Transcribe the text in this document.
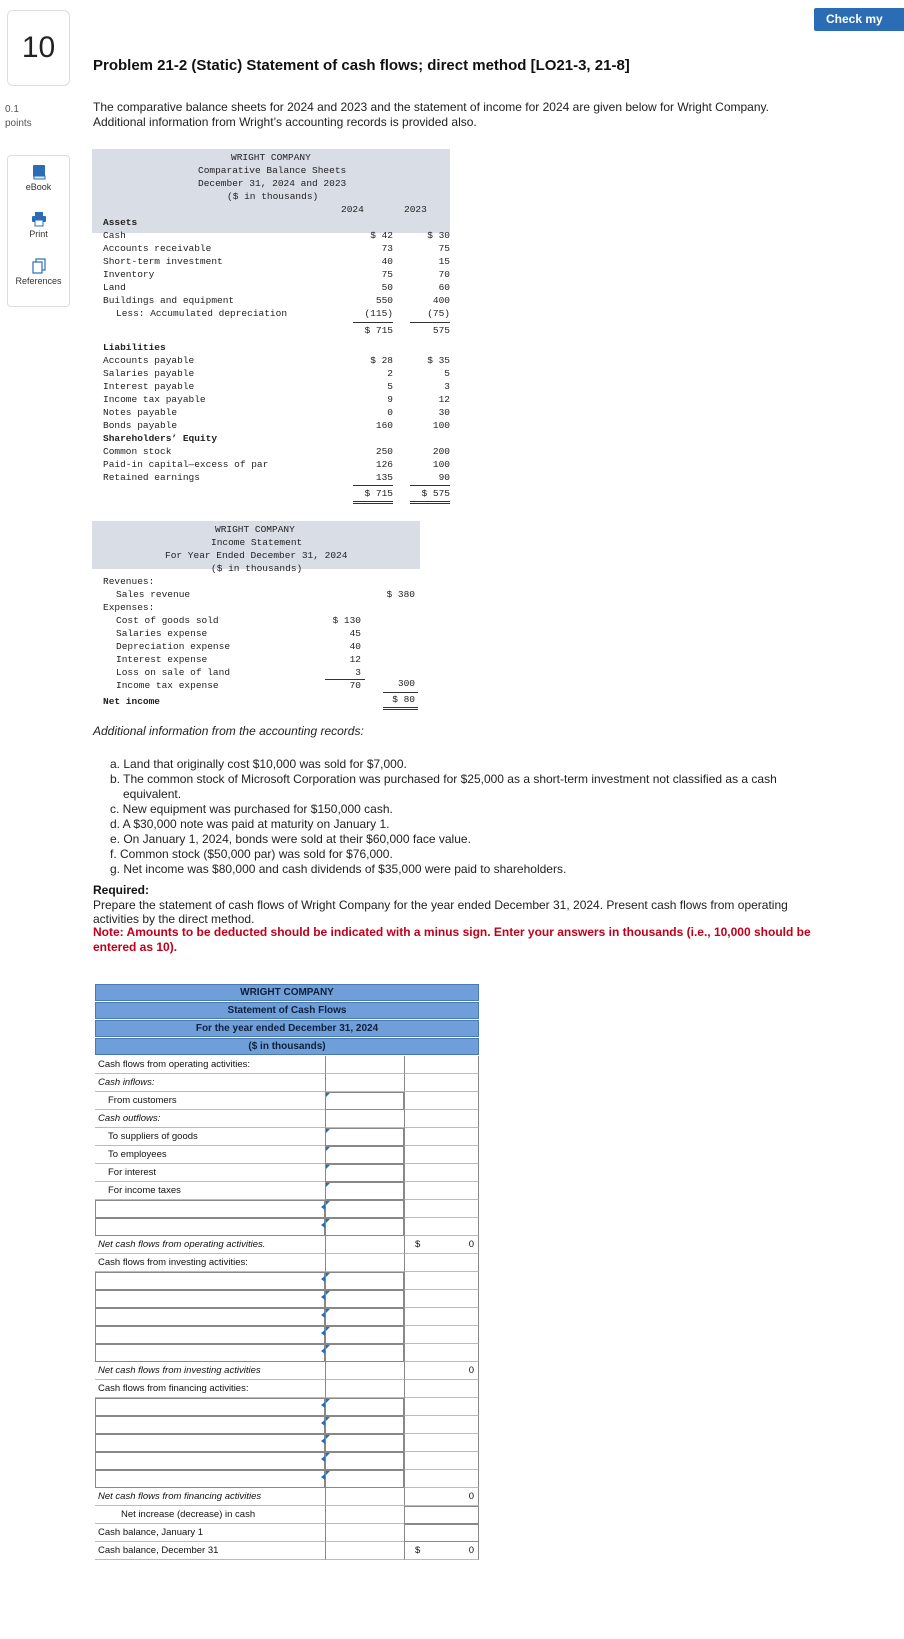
Check my work
10
0.1
points
eBook
Print
References
Problem 21-2 (Static) Statement of cash flows; direct method [LO21-3, 21-8]
The comparative balance sheets for 2024 and 2023 and the statement of income for 2024 are given below for Wright Company.
Additional information from Wright’s accounting records is provided also.
WRIGHT COMPANY
Comparative Balance Sheets
December 31, 2024 and 2023
($ in thousands)
2024	2023
Assets
Cash	$ 42	$ 30
Accounts receivable	73	75
Short-term investment	40	15
Inventory	75	70
Land	50	60
Buildings and equipment	550	400
Less: Accumulated depreciation	(115)	(75)
$ 715	575
Liabilities
Accounts payable	$ 28	$ 35
Salaries payable	2	5
Interest payable	5	3
Income tax payable	9	12
Notes payable	0	30
Bonds payable	160	100
Shareholders’ Equity
Common stock	250	200
Paid-in capital—excess of par	126	100
Retained earnings	135	90
$ 715	$ 575
WRIGHT COMPANY
Income Statement
For Year Ended December 31, 2024
($ in thousands)
Revenues:
Sales revenue	$ 380
Expenses:
Cost of goods sold	$ 130
Salaries expense	45
Depreciation expense	40
Interest expense	12
Loss on sale of land	3
Income tax expense	70	300
Net income	$ 80
Additional information from the accounting records:
a. Land that originally cost $10,000 was sold for $7,000.
b. The common stock of Microsoft Corporation was purchased for $25,000 as a short-term investment not classified as a cash
equivalent.
c. New equipment was purchased for $150,000 cash.
d. A $30,000 note was paid at maturity on January 1.
e. On January 1, 2024, bonds were sold at their $60,000 face value.
f. Common stock ($50,000 par) was sold for $76,000.
g. Net income was $80,000 and cash dividends of $35,000 were paid to shareholders.
Required:
Prepare the statement of cash flows of Wright Company for the year ended December 31, 2024. Present cash flows from operating
activities by the direct method.
Note: Amounts to be deducted should be indicated with a minus sign. Enter your answers in thousands (i.e., 10,000 should be entered as 10).
WRIGHT COMPANY
Statement of Cash Flows
For the year ended December 31, 2024
($ in thousands)
Cash flows from operating activities:
Cash inflows:
From customers
Cash outflows:
To suppliers of goods
To employees
For interest
For income taxes
Net cash flows from operating activities.	$	0
Cash flows from investing activities:
Net cash flows from investing activities	0
Cash flows from financing activities:
Net cash flows from financing activities	0
Net increase (decrease) in cash
Cash balance, January 1
Cash balance, December 31	$	0
